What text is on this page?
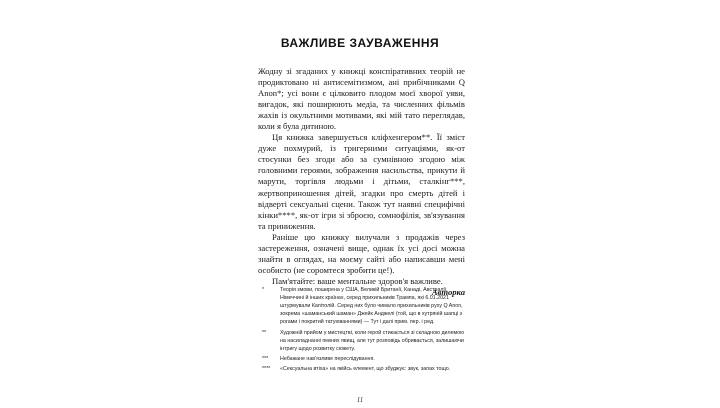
ВАЖЛИВЕ ЗАУВАЖЕННЯ

Жодну зі згаданих у книжці конспіративних теорій не продиктовано ні антисемітизмом, ані прибічниками Q Anon*; усі вони є цілковито плодом моєї хворої уяви, вигадок, які поширюють медіа, та численних фільмів жахів із окультними мотивами, які мій тато переглядав, коли я була дитиною.

Ця книжка завершується кліфхенгером**. Її зміст дуже похмурий, із тригерними ситуаціями, як-от стосунки без згоди або за сумнівною згодою між головними героями, зображення насильства, прикути й марути, торгівля людьми і дітьми, сталкінг***, жертвоприношення дітей, згадки про смерть дітей і відверті сексуальні сцени. Також тут наявні специфічні кінки****, як-от ігри зі зброєю, сомнофілія, зв'язування та приниження.

Раніше цю книжку вилучали з продажів через застереження, означені вище, однак їх усі досі можна знайти в оглядах, на моєму сайті або написавши мені особисто (не соромтеся зробити це!).

Пам'ятайте: ваше ментальне здоров'я важливе.

Авторка
*	Теорія змови, поширена у США, Великій Британії, Канаді, Австралії, Німеччині й інших країнах, серед прихильників Трампа, які 6.01.2021 штурмували Капітолій. Серед них було чимало прихильників руху Q Anon, зокрема «шаманський шаман» Джейк Анджелі (той, що в хутряній шапці з рогами і покритий татуюваннями) — Тут і далі прим. пер. і ред.
**	Художній прийом у мистецтві, коли герой стикається зі складною дилемою на насиладнанні певних явищ, але тут розповідь обривається, залишаючи інтригу щодо розвитку сюжету.
***	Небажане нав'язливе переслідування.
****	«Сексуальна втіха» на якійсь елемент, що збуджує: звук, запах тощо.
11
